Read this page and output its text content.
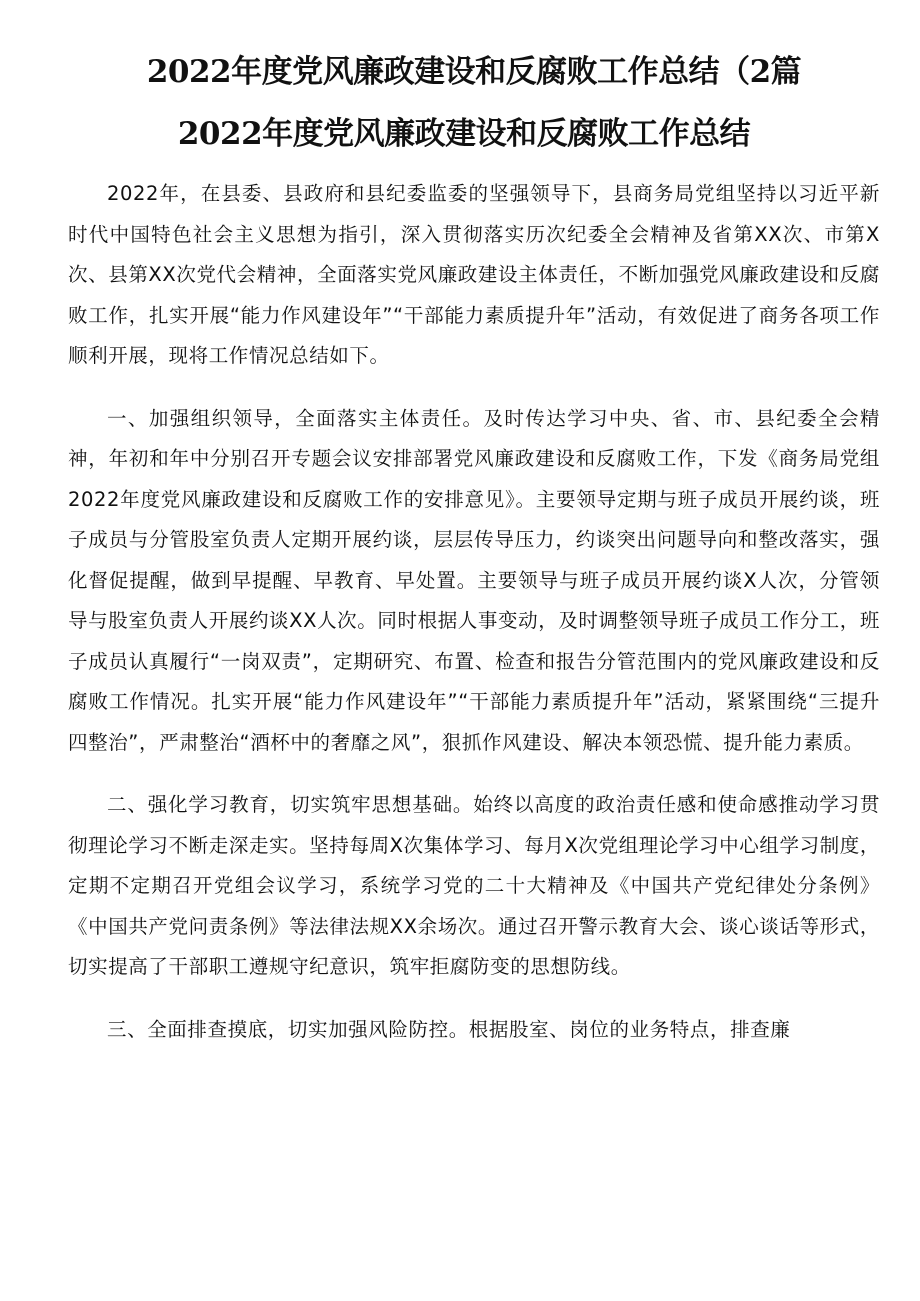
2022年度党风廉政建设和反腐败工作总结（2篇
2022年度党风廉政建设和反腐败工作总结

2022年，在县委、县政府和县纪委监委的坚强领导下，县商务局党组坚持以习近平新时代中国特色社会主义思想为指引，深入贯彻落实历次纪委全会精神及省第XX次、市第X次、县第XX次党代会精神，全面落实党风廉政建设主体责任，不断加强党风廉政建设和反腐败工作，扎实开展“能力作风建设年”“干部能力素质提升年”活动，有效促进了商务各项工作顺利开展，现将工作情况总结如下。

一、加强组织领导，全面落实主体责任。及时传达学习中央、省、市、县纪委全会精神，年初和年中分别召开专题会议安排部署党风廉政建设和反腐败工作，下发《商务局党组2022年度党风廉政建设和反腐败工作的安排意见》。主要领导定期与班子成员开展约谈，班子成员与分管股室负责人定期开展约谈，层层传导压力，约谈突出问题导向和整改落实，强化督促提醒，做到早提醒、早教育、早处置。主要领导与班子成员开展约谈X人次，分管领导与股室负责人开展约谈XX人次。同时根据人事变动，及时调整领导班子成员工作分工，班子成员认真履行“一岗双责”，定期研究、布置、检查和报告分管范围内的党风廉政建设和反腐败工作情况。扎实开展“能力作风建设年”“干部能力素质提升年”活动，紧紧围绕“三提升四整治”，严肃整治“酒杯中的奢靡之风”，狠抓作风建设、解决本领恐慌、提升能力素质。

二、强化学习教育，切实筑牢思想基础。始终以高度的政治责任感和使命感推动学习贯彻理论学习不断走深走实。坚持每周X次集体学习、每月X次党组理论学习中心组学习制度，定期不定期召开党组会议学习，系统学习党的二十大精神及《中国共产党纪律处分条例》《中国共产党问责条例》等法律法规XX余场次。通过召开警示教育大会、谈心谈话等形式，切实提高了干部职工遵规守纪意识，筑牢拒腐防变的思想防线。

三、全面排查摸底，切实加强风险防控。根据股室、岗位的业务特点，排查廉
